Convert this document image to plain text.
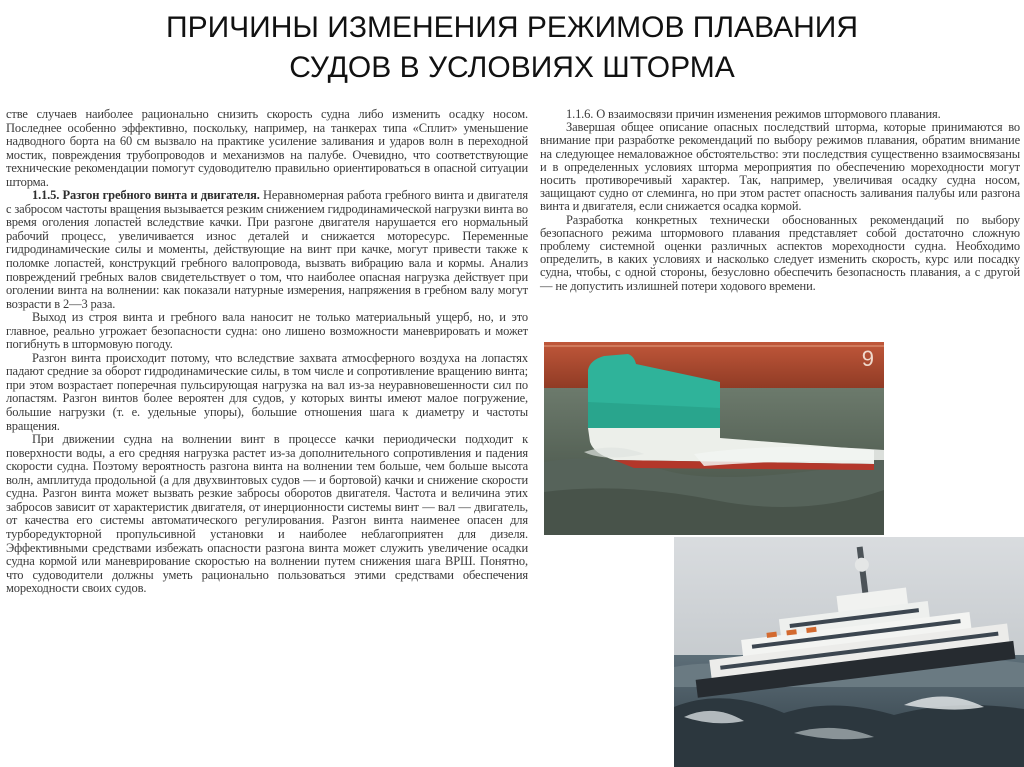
ПРИЧИНЫ ИЗМЕНЕНИЯ РЕЖИМОВ ПЛАВАНИЯ
СУДОВ В УСЛОВИЯХ ШТОРМА

стве случаев наиболее рационально снизить скорость судна либо изменить осадку носом. Последнее особенно эффективно, поскольку, например, на танкерах типа «Сплит» уменьшение надводного борта на 60 см вызвало на практике усиление заливания и ударов волн в переходной мостик, повреждения трубопроводов и механизмов на палубе. Очевидно, что соответствующие технические рекомендации помогут судоводителю правильно ориентироваться в опасной ситуации шторма.

1.1.5. Разгон гребного винта и двигателя. Неравномерная работа гребного винта и двигателя с забросом частоты вращения вызывается резким снижением гидродинамической нагрузки винта во время оголения лопастей вследствие качки. При разгоне двигателя нарушается его нормальный рабочий процесс, увеличивается износ деталей и снижается моторесурс. Переменные гидродинамические силы и моменты, действующие на винт при качке, могут привести также к поломке лопастей, конструкций гребного валопровода, вызвать вибрацию вала и кормы. Анализ повреждений гребных валов свидетельствует о том, что наиболее опасная нагрузка действует при оголении винта на волнении: как показали натурные измерения, напряжения в гребном валу могут возрасти в 2—3 раза.

Выход из строя винта и гребного вала наносит не только материальный ущерб, но, и это главное, реально угрожает безопасности судна: оно лишено возможности маневрировать и может погибнуть в штормовую погоду.

Разгон винта происходит потому, что вследствие захвата атмосферного воздуха на лопастях падают средние за оборот гидродинамические силы, в том числе и сопротивление вращению винта; при этом возрастает поперечная пульсирующая нагрузка на вал из-за неуравновешенности сил по лопастям. Разгон винтов более вероятен для судов, у которых винты имеют малое погружение, большие нагрузки (т. е. удельные упоры), большие отношения шага к диаметру и частоты вращения.

При движении судна на волнении винт в процессе качки периодически подходит к поверхности воды, а его средняя нагрузка растет из-за дополнительного сопротивления и падения скорости судна. Поэтому вероятность разгона винта на волнении тем больше, чем больше высота волн, амплитуда продольной (а для двухвинтовых судов — и бортовой) качки и снижение скорости судна. Разгон винта может вызвать резкие забросы оборотов двигателя. Частота и величина этих забросов зависит от характеристик двигателя, от инерционности системы винт — вал — двигатель, от качества его системы автоматического регулирования. Разгон винта наименее опасен для турборедукторной пропульсивной установки и наиболее неблагоприятен для дизеля. Эффективными средствами избежать опасности разгона винта может служить увеличение осадки судна кормой или маневрирование скоростью на волнении путем снижения шага ВРШ. Понятно, что судоводители должны уметь рационально пользоваться этими средствами обеспечения мореходности своих судов.

1.1.6. О взаимосвязи причин изменения режимов штормового плавания.

Завершая общее описание опасных последствий шторма, которые принимаются во внимание при разработке рекомендаций по выбору режимов плавания, обратим внимание на следующее немаловажное обстоятельство: эти последствия существенно взаимосвязаны и в определенных условиях шторма мероприятия по обеспечению мореходности могут носить противоречивый характер. Так, например, увеличивая осадку судна носом, защищают судно от слеминга, но при этом растет опасность заливания палубы или разгона винта и двигателя, если снижается осадка кормой.

Разработка конкретных технически обоснованных рекомендаций по выбору безопасного режима штормового плавания представляет собой достаточно сложную проблему системной оценки различных аспектов мореходности судна. Необходимо определить, в каких условиях и насколько следует изменить скорость, курс или посадку судна, чтобы, с одной стороны, безусловно обеспечить безопасность плавания, а с другой — не допустить излишней потери ходового времени.

9
